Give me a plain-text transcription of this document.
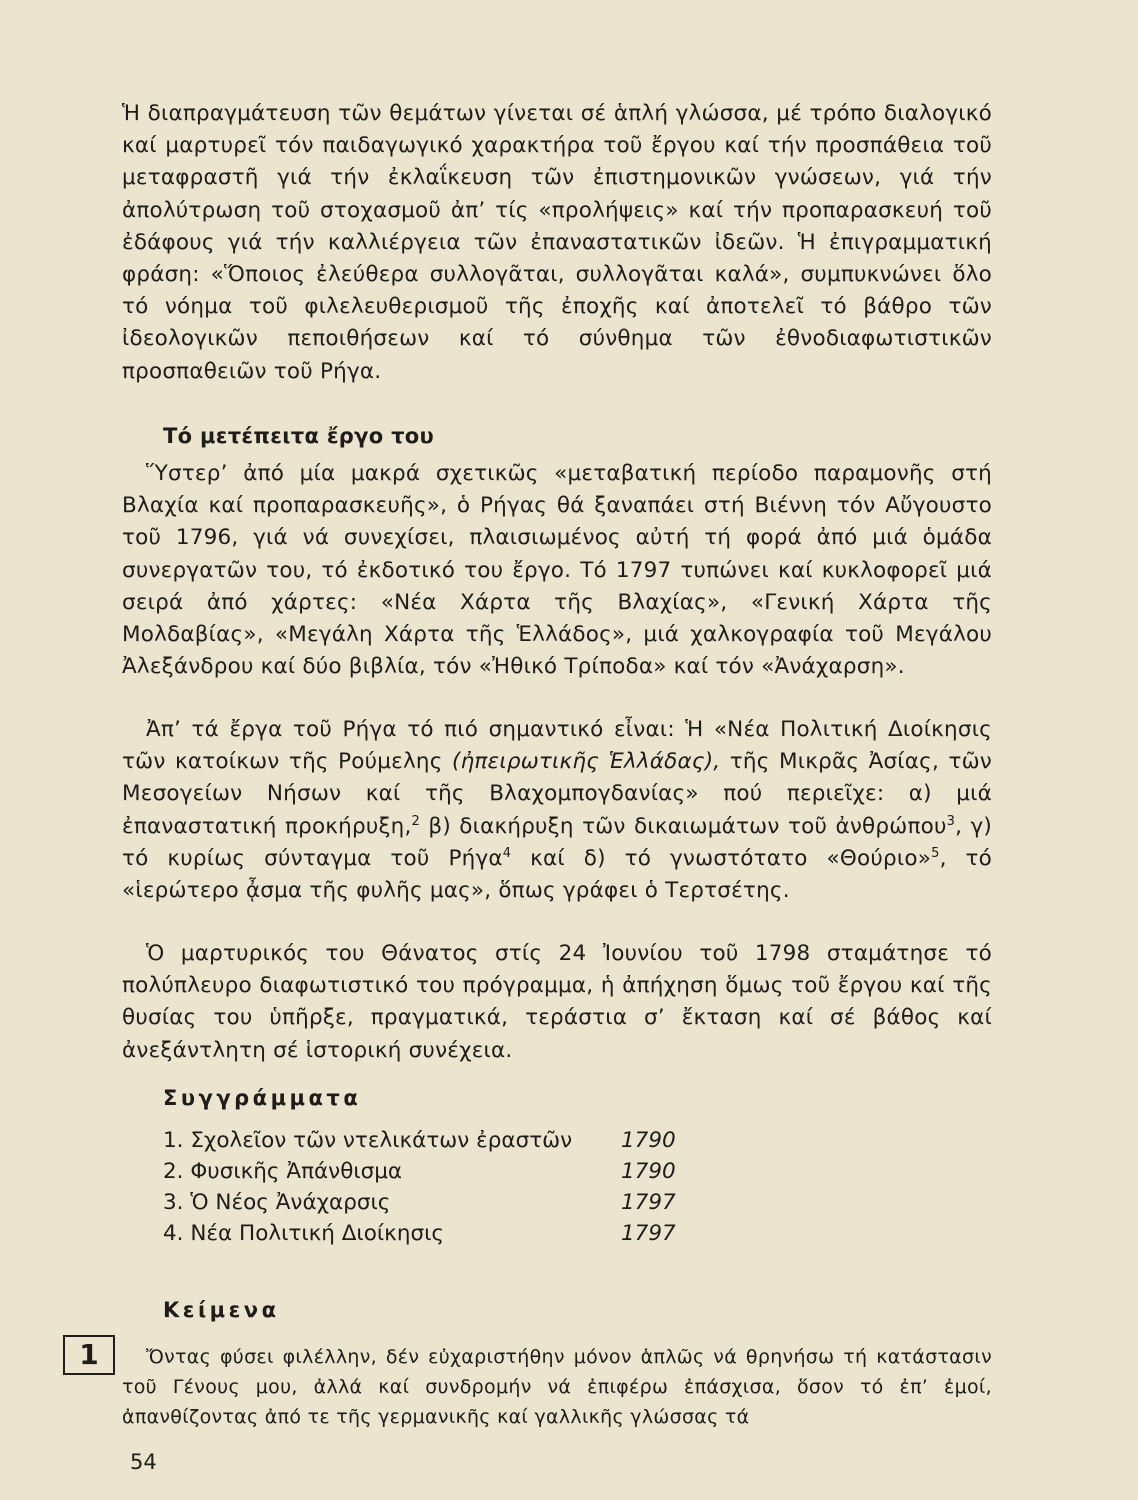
Ἡ διαπραγμάτευση τῶν θεμάτων γίνεται σέ ἁπλή γλώσσα, μέ τρόπο διαλογικό καί μαρτυρεῖ τόν παιδαγωγικό χαρακτήρα τοῦ ἔργου καί τήν προσπάθεια τοῦ μεταφραστῆ γιά τήν ἐκλαΐκευση τῶν ἐπιστημονικῶν γνώσεων, γιά τήν ἀπολύτρωση τοῦ στοχασμοῦ ἀπ’ τίς «προλήψεις» καί τήν προπαρασκευή τοῦ ἐδάφους γιά τήν καλλιέργεια τῶν ἐπαναστατικῶν ἰδεῶν. Ἡ ἐπιγραμματική φράση: «Ὅποιος ἐλεύθερα συλλογᾶται, συλλογᾶται καλά», συμπυκνώνει ὅλο τό νόημα τοῦ φιλελευθερισμοῦ τῆς ἐποχῆς καί ἀποτελεῖ τό βάθρο τῶν ἰδεολογικῶν πεποιθήσεων καί τό σύνθημα τῶν ἐθνοδιαφωτιστικῶν προσπαθειῶν τοῦ Ρήγα.

Τό μετέπειτα ἔργο του

Ὕστερ’ ἀπό μία μακρά σχετικῶς «μεταβατική περίοδο παραμονῆς στή Βλαχία καί προπαρασκευῆς», ὁ Ρήγας θά ξαναπάει στή Βιέννη τόν Αὔγουστο τοῦ 1796, γιά νά συνεχίσει, πλαισιωμένος αὐτή τή φορά ἀπό μιά ὁμάδα συνεργατῶν του, τό ἐκδοτικό του ἔργο. Τό 1797 τυπώνει καί κυκλοφορεῖ μιά σειρά ἀπό χάρτες: «Νέα Χάρτα τῆς Βλαχίας», «Γενική Χάρτα τῆς Μολδαβίας», «Μεγάλη Χάρτα τῆς Ἑλλάδος», μιά χαλκογραφία τοῦ Μεγάλου Ἀλεξάνδρου καί δύο βιβλία, τόν «Ἠθικό Τρίποδα» καί τόν «Ἀνάχαρση».

Ἀπ’ τά ἔργα τοῦ Ρήγα τό πιό σημαντικό εἶναι: Ἡ «Νέα Πολιτική Διοίκησις τῶν κατοίκων τῆς Ρούμελης (ἠπειρωτικῆς Ἑλλάδας), τῆς Μικρᾶς Ἀσίας, τῶν Μεσογείων Νήσων καί τῆς Βλαχομπογδανίας» πού περιεῖχε: α) μιά ἐπαναστατική προκήρυξη,$^2$ β) διακήρυξη τῶν δικαιωμάτων τοῦ ἀνθρώπου$^3$, γ) τό κυρίως σύνταγμα τοῦ Ρήγα$^4$ καί δ) τό γνωστότατο «Θούριο»$^5$, τό «ἱερώτερο ᾆσμα τῆς φυλῆς μας», ὅπως γράφει ὁ Τερτσέτης.

Ὁ μαρτυρικός του Θάνατος στίς 24 Ἰουνίου τοῦ 1798 σταμάτησε τό πολύπλευρο διαφωτιστικό του πρόγραμμα, ἡ ἀπήχηση ὅμως τοῦ ἔργου καί τῆς θυσίας του ὑπῆρξε, πραγματικά, τεράστια σ’ ἔκταση καί σέ βάθος καί ἀνεξάντλητη σέ ἱστορική συνέχεια.

Συγγράμματα
1. Σχολεῖον τῶν ντελικάτων ἐραστῶν 1790
2. Φυσικῆς Ἀπάνθισμα	1790
3. Ὁ Νέος Ἀνάχαρσις	1797
4. Νέα Πολιτική Διοίκησις	1797
Κείμενα
1	Ὄντας φύσει φιλέλλην, δέν εὐχαριστήθην μόνον ἁπλῶς νά θρηνήσω τή κατάστασιν τοῦ Γένους μου, ἀλλά καί συνδρομήν νά ἐπιφέρω ἐπάσχισα, ὅσον τό ἐπ’ ἐμοί, ἀπανθίζοντας ἀπό τε τῆς γερμανικῆς καί γαλλικῆς γλώσσας τά

54
